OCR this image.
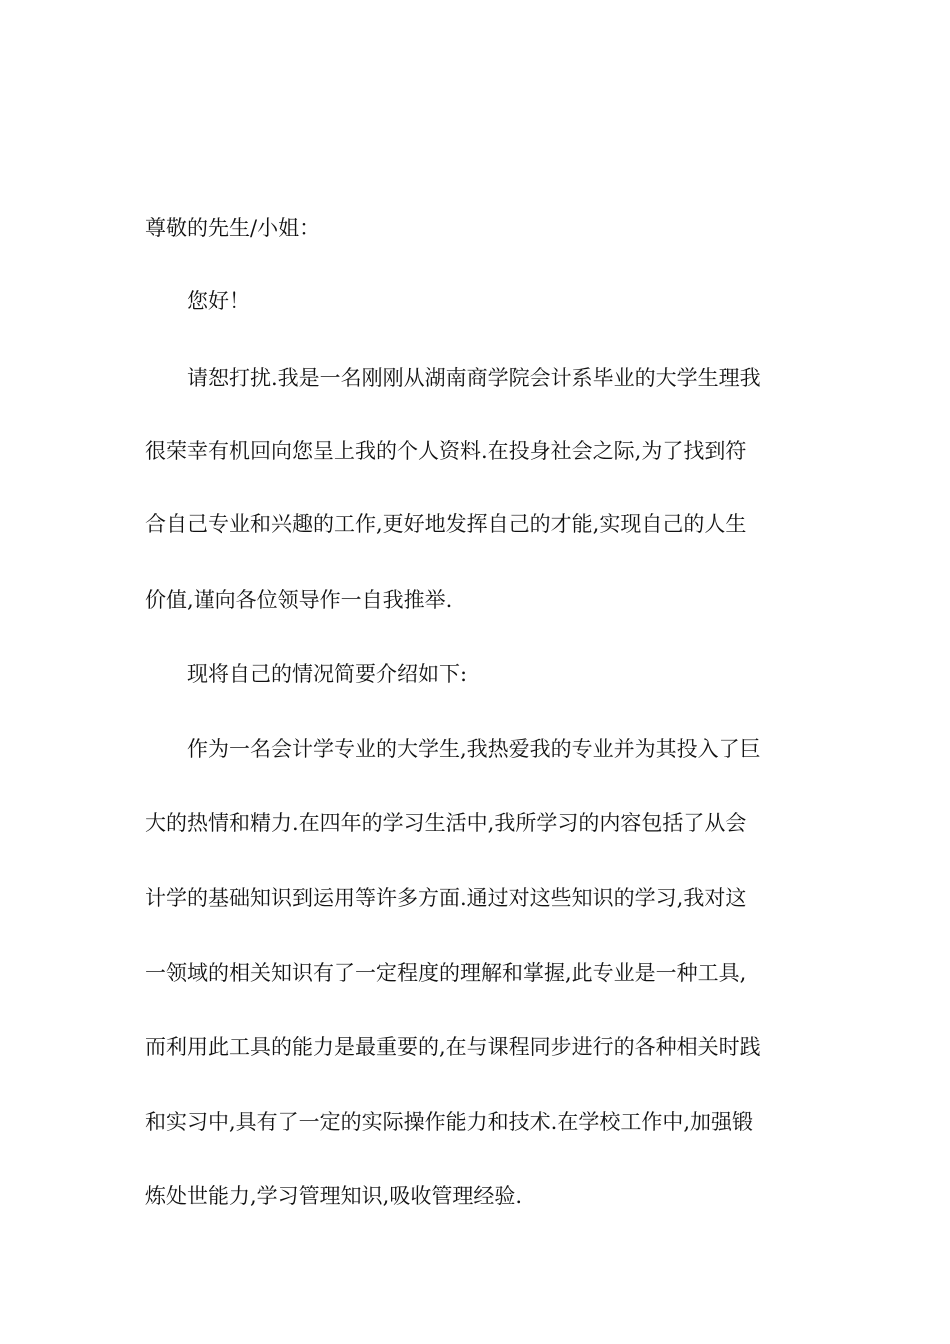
尊敬的先生/小姐：
您好！
请恕打扰.我是一名刚刚从湖南商学院会计系毕业的大学生理我
很荣幸有机回向您呈上我的个人资料.在投身社会之际,为了找到符
合自己专业和兴趣的工作,更好地发挥自己的才能,实现自己的人生
价值,谨向各位领导作一自我推举.
现将自己的情况简要介绍如下:
作为一名会计学专业的大学生,我热爱我的专业并为其投入了巨
大的热情和精力.在四年的学习生活中,我所学习的内容包括了从会
计学的基础知识到运用等许多方面.通过对这些知识的学习,我对这
一领域的相关知识有了一定程度的理解和掌握,此专业是一种工具,
而利用此工具的能力是最重要的,在与课程同步进行的各种相关时践
和实习中,具有了一定的实际操作能力和技术.在学校工作中,加强锻
炼处世能力,学习管理知识,吸收管理经验.
